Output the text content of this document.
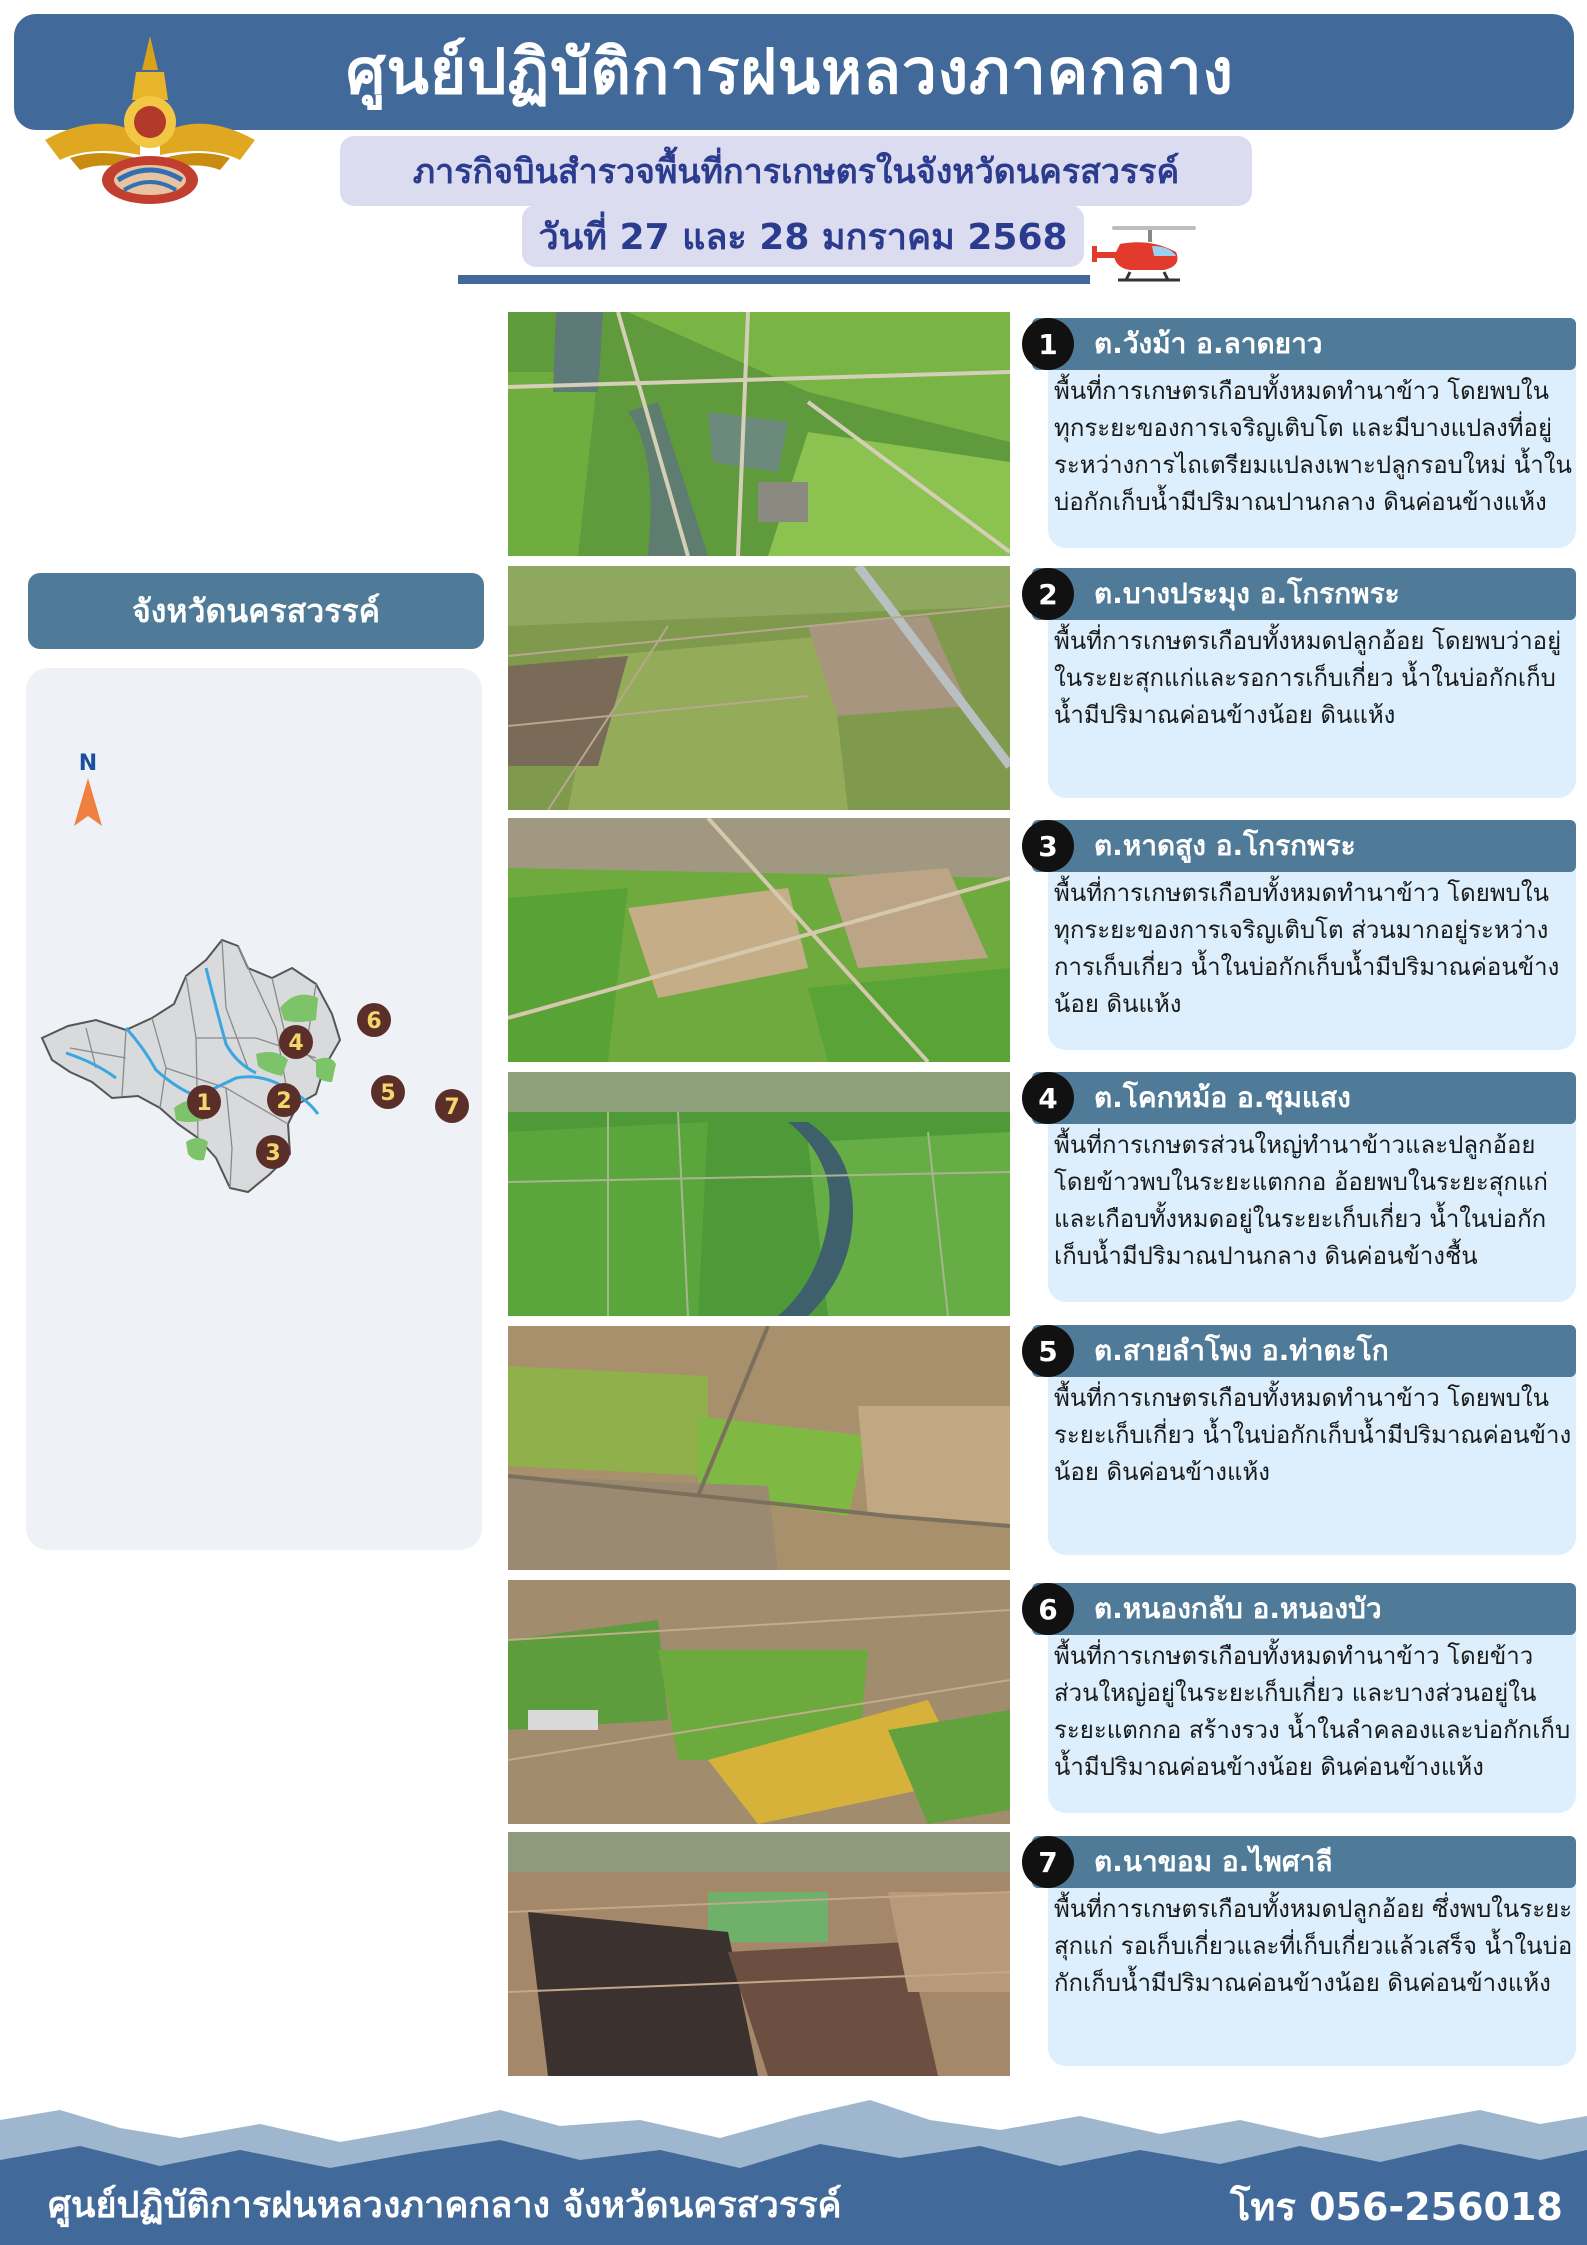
ศูนย์ปฏิบัติการฝนหลวงภาคกลาง
ภารกิจบินสำรวจพื้นที่การเกษตรในจังหวัดนครสวรรค์
วันที่ 27 และ 28 มกราคม 2568
จังหวัดนครสวรรค์
N
1	2
3
4
5
6
7
ต.วังม้า อ.ลาดยาว
1
พื้นที่การเกษตรเกือบทั้งหมดทำนาข้าว โดยพบในทุกระยะของการเจริญเติบโต และมีบางแปลงที่อยู่ระหว่างการไถเตรียมแปลงเพาะปลูกรอบใหม่ น้ำในบ่อกักเก็บน้ำมีปริมาณปานกลาง ดินค่อนข้างแห้ง
ต.บางประมุง อ.โกรกพระ
2
พื้นที่การเกษตรเกือบทั้งหมดปลูกอ้อย โดยพบว่าอยู่ในระยะสุกแก่และรอการเก็บเกี่ยว น้ำในบ่อกักเก็บน้ำมีปริมาณค่อนข้างน้อย ดินแห้ง
ต.หาดสูง อ.โกรกพระ
3
พื้นที่การเกษตรเกือบทั้งหมดทำนาข้าว โดยพบในทุกระยะของการเจริญเติบโต ส่วนมากอยู่ระหว่างการเก็บเกี่ยว น้ำในบ่อกักเก็บน้ำมีปริมาณค่อนข้างน้อย ดินแห้ง
ต.โคกหม้อ อ.ชุมแสง
4
พื้นที่การเกษตรส่วนใหญ่ทำนาข้าวและปลูกอ้อย โดยข้าวพบในระยะแตกกอ อ้อยพบในระยะสุกแก่และเกือบทั้งหมดอยู่ในระยะเก็บเกี่ยว น้ำในบ่อกักเก็บน้ำมีปริมาณปานกลาง ดินค่อนข้างชื้น
ต.สายลำโพง อ.ท่าตะโก
5
พื้นที่การเกษตรเกือบทั้งหมดทำนาข้าว โดยพบในระยะเก็บเกี่ยว น้ำในบ่อกักเก็บน้ำมีปริมาณค่อนข้างน้อย ดินค่อนข้างแห้ง
ต.หนองกลับ อ.หนองบัว
6
พื้นที่การเกษตรเกือบทั้งหมดทำนาข้าว โดยข้าวส่วนใหญ่อยู่ในระยะเก็บเกี่ยว และบางส่วนอยู่ในระยะแตกกอ สร้างรวง น้ำในลำคลองและบ่อกักเก็บน้ำมีปริมาณค่อนข้างน้อย ดินค่อนข้างแห้ง
ต.นาขอม อ.ไพศาลี
7
พื้นที่การเกษตรเกือบทั้งหมดปลูกอ้อย ซึ่งพบในระยะสุกแก่ รอเก็บเกี่ยวและที่เก็บเกี่ยวแล้วเสร็จ น้ำในบ่อกักเก็บน้ำมีปริมาณค่อนข้างน้อย ดินค่อนข้างแห้ง
ศูนย์ปฏิบัติการฝนหลวงภาคกลาง จังหวัดนครสวรรค์	โทร 056-256018
